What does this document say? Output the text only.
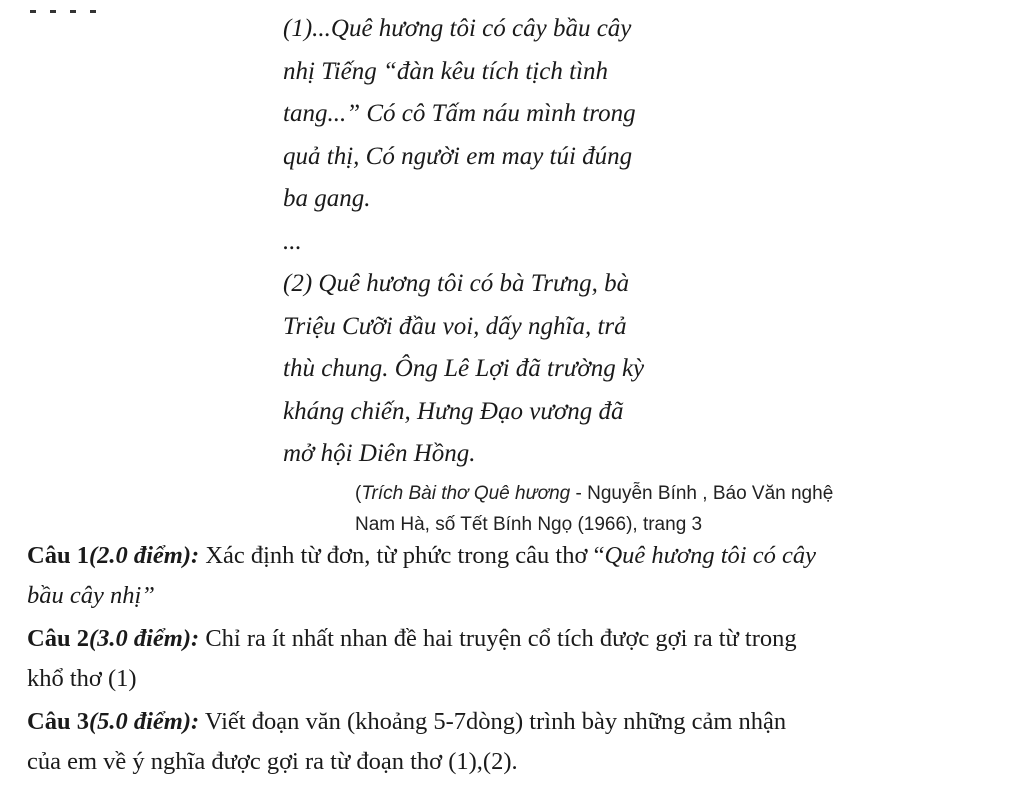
(1)...Quê hương tôi có cây bầu cây
nhị Tiếng “đàn kêu tích tịch tình
tang...” Có cô Tấm náu mình trong
quả thị, Có người em may túi đúng
ba gang.
...
(2) Quê hương tôi có bà Trưng, bà
Triệu Cưỡi đầu voi, dấy nghĩa, trả
thù chung. Ông Lê Lợi đã trường kỳ
kháng chiến, Hưng Đạo vương đã
mở hội Diên Hồng.
(Trích Bài thơ Quê hương - Nguyễn Bính , Báo Văn nghệ
Nam Hà, số Tết Bính Ngọ (1966), trang 3
Câu 1(2.0 điểm): Xác định từ đơn, từ phức trong câu thơ “Quê hương tôi có cây
bầu cây nhị”
Câu 2(3.0 điểm): Chỉ ra ít nhất nhan đề hai truyện cổ tích được gợi ra từ trong
khổ thơ (1)
Câu 3(5.0 điểm): Viết đoạn văn (khoảng 5-7dòng) trình bày những cảm nhận
của em về ý nghĩa được gợi ra từ đoạn thơ (1),(2).
